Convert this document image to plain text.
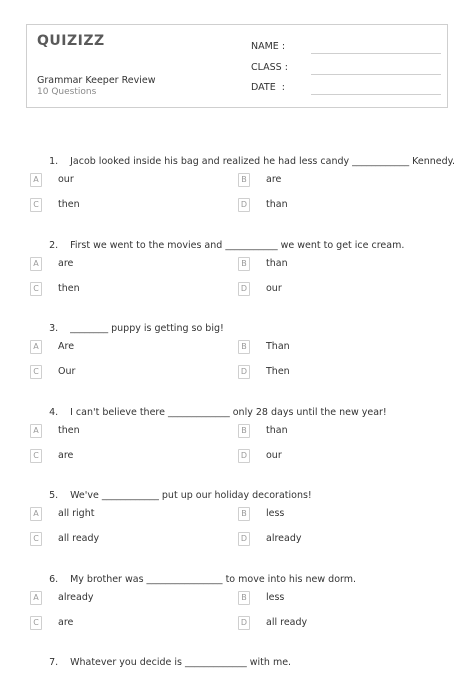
QUIZIZZ
Grammar Keeper Review
10 Questions
NAME :
CLASS :
DATE  :

1. Jacob looked inside his bag and realized he had less candy ____________ Kennedy.

A	our	B	are
C	then	D	than

2. First we went to the movies and ___________ we went to get ice cream.

A	are	B	than
C	then	D	our

3. ________ puppy is getting so big!

A	Are	B	Than
C	Our	D	Then

4. I can't believe there _____________ only 28 days until the new year!

A	then	B	than
C	are	D	our

5. We've ____________ put up our holiday decorations!

A	all right	B	less
C	all ready	D	already

6. My brother was ________________ to move into his new dorm.

A	already	B	less
C	are	D	all ready

7. Whatever you decide is _____________ with me.
